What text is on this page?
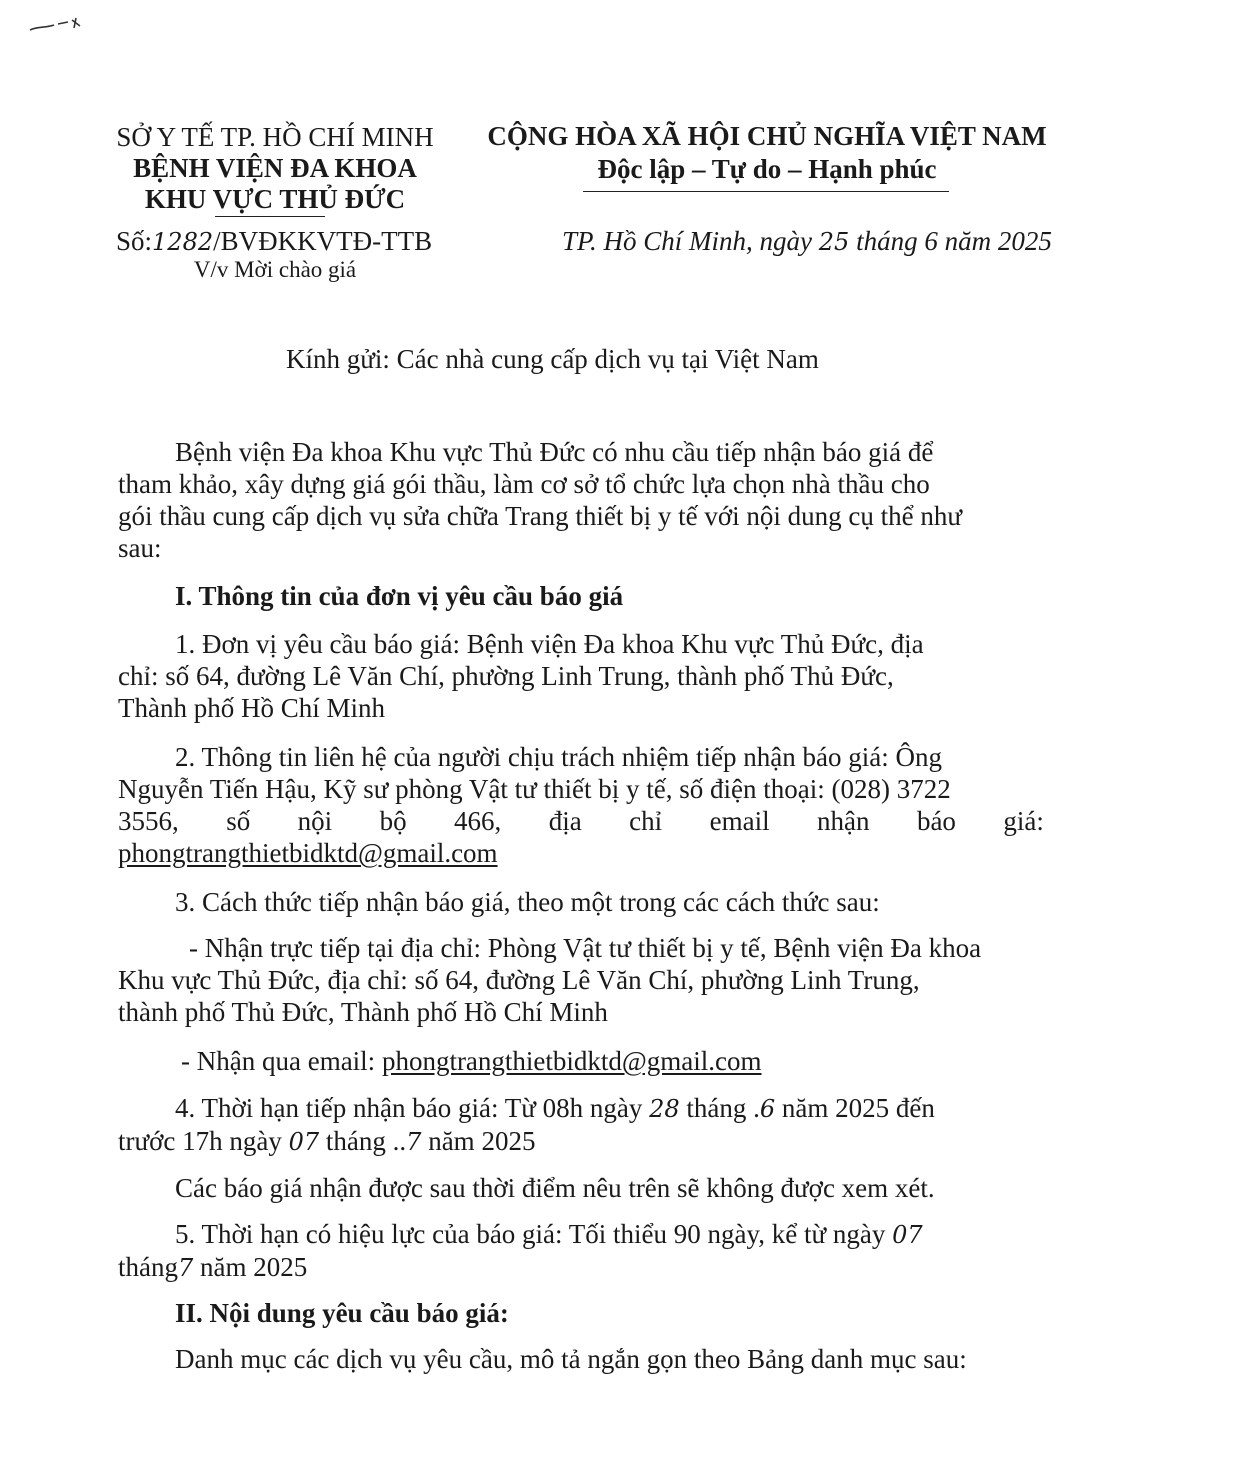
SỞ Y TẾ TP. HỒ CHÍ MINH
BỆNH VIỆN ĐA KHOA
KHU VỰC THỦ ĐỨC
Số:1282/BVĐKKVTĐ-TTB
V/v Mời chào giá
CỘNG HÒA XÃ HỘI CHỦ NGHĨA VIỆT NAM
Độc lập – Tự do – Hạnh phúc
TP. Hồ Chí Minh, ngày 25 tháng 6 năm 2025
Kính gửi: Các nhà cung cấp dịch vụ tại Việt Nam
Bệnh viện Đa khoa Khu vực Thủ Đức có nhu cầu tiếp nhận báo giá để
tham khảo, xây dựng giá gói thầu, làm cơ sở tổ chức lựa chọn nhà thầu cho
gói thầu cung cấp dịch vụ sửa chữa Trang thiết bị y tế với nội dung cụ thể như
sau:
I. Thông tin của đơn vị yêu cầu báo giá
1. Đơn vị yêu cầu báo giá: Bệnh viện Đa khoa Khu vực Thủ Đức, địa
chỉ: số 64, đường Lê Văn Chí, phường Linh Trung, thành phố Thủ Đức,
Thành phố Hồ Chí Minh
2. Thông tin liên hệ của người chịu trách nhiệm tiếp nhận báo giá: Ông
Nguyễn Tiến Hậu, Kỹ sư phòng Vật tư thiết bị y tế, số điện thoại: (028) 3722
3556, số nội bộ 466, địa chỉ email nhận báo giá:
phongtrangthietbidktd@gmail.com
3. Cách thức tiếp nhận báo giá, theo một trong các cách thức sau:
- Nhận trực tiếp tại địa chỉ: Phòng Vật tư thiết bị y tế, Bệnh viện Đa khoa
Khu vực Thủ Đức, địa chỉ: số 64, đường Lê Văn Chí, phường Linh Trung,
thành phố Thủ Đức, Thành phố Hồ Chí Minh
- Nhận qua email: phongtrangthietbidktd@gmail.com
4. Thời hạn tiếp nhận báo giá: Từ 08h ngày 28 tháng .6 năm 2025 đến
trước 17h ngày 07 tháng ..7 năm 2025
Các báo giá nhận được sau thời điểm nêu trên sẽ không được xem xét.
5. Thời hạn có hiệu lực của báo giá: Tối thiểu 90 ngày, kể từ ngày 07
tháng7 năm 2025
II. Nội dung yêu cầu báo giá:
Danh mục các dịch vụ yêu cầu, mô tả ngắn gọn theo Bảng danh mục sau:
